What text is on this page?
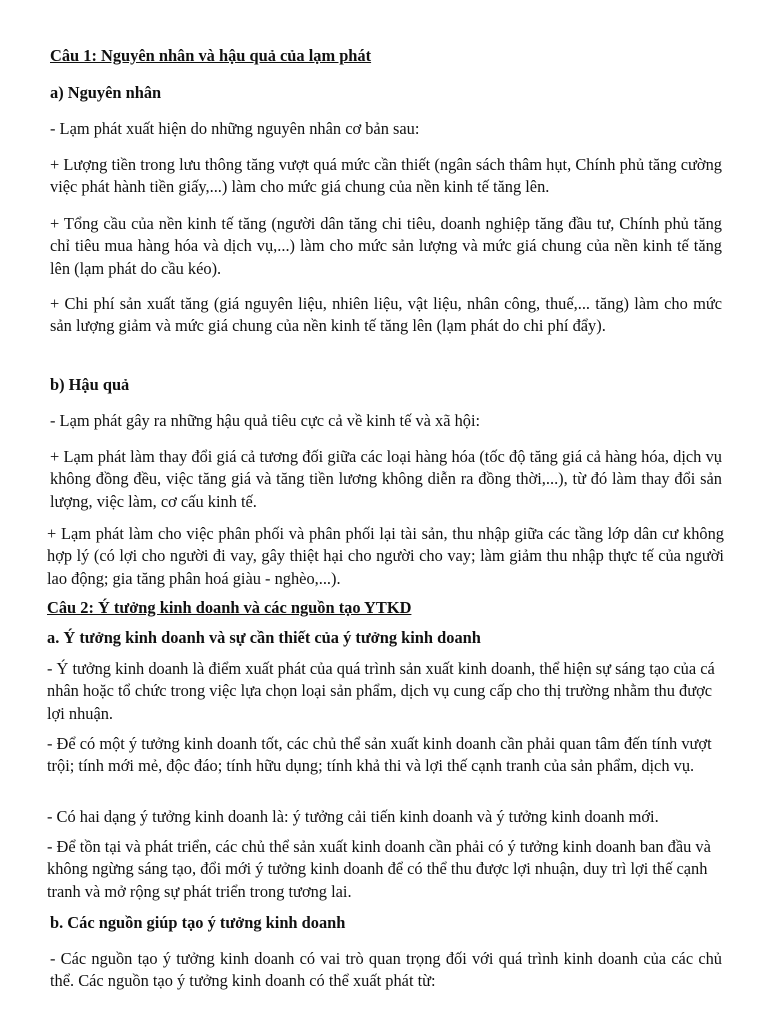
Câu 1: Nguyên nhân và hậu quả của lạm phát

a) Nguyên nhân

- Lạm phát xuất hiện do những nguyên nhân cơ bản sau:

+ Lượng tiền trong lưu thông tăng vượt quá mức cần thiết (ngân sách thâm hụt, Chính phủ tăng cường việc phát hành tiền giấy,...) làm cho mức giá chung của nền kinh tế tăng lên.

+ Tổng cầu của nền kinh tế tăng (người dân tăng chi tiêu, doanh nghiệp tăng đầu tư, Chính phủ tăng chỉ tiêu mua hàng hóa và dịch vụ,...) làm cho mức sản lượng và mức giá chung của nền kinh tế tăng lên (lạm phát do cầu kéo).

+ Chi phí sản xuất tăng (giá nguyên liệu, nhiên liệu, vật liệu, nhân công, thuế,... tăng) làm cho mức sản lượng giảm và mức giá chung của nền kinh tế tăng lên (lạm phát do chi phí đẩy).

b) Hậu quả

- Lạm phát gây ra những hậu quả tiêu cực cả về kinh tế và xã hội:

+ Lạm phát làm thay đổi giá cả tương đối giữa các loại hàng hóa (tốc độ tăng giá cả hàng hóa, dịch vụ không đồng đều, việc tăng giá và tăng tiền lương không diễn ra đồng thời,...), từ đó làm thay đổi sản lượng, việc làm, cơ cấu kinh tế.

+ Lạm phát làm cho việc phân phối và phân phối lại tài sản, thu nhập giữa các tầng lớp dân cư không hợp lý (có lợi cho người đi vay, gây thiệt hại cho người cho vay; làm giảm thu nhập thực tế của người lao động; gia tăng phân hoá giàu - nghèo,...).

Câu 2: Ý tưởng kinh doanh và các nguồn tạo YTKD

a. Ý tưởng kinh doanh và sự cần thiết của ý tưởng kinh doanh

- Ý tưởng kinh doanh là điểm xuất phát của quá trình sản xuất kinh doanh, thể hiện sự sáng tạo của cá nhân hoặc tổ chức trong việc lựa chọn loại sản phẩm, dịch vụ cung cấp cho thị trường nhằm thu được lợi nhuận.

- Để có một ý tưởng kinh doanh tốt, các chủ thể sản xuất kinh doanh cần phải quan tâm đến tính vượt trội; tính mới mẻ, độc đáo; tính hữu dụng; tính khả thi và lợi thế cạnh tranh của sản phẩm, dịch vụ.

- Có hai dạng ý tưởng kinh doanh là: ý tưởng cải tiến kinh doanh và ý tưởng kinh doanh mới.

- Để tồn tại và phát triển, các chủ thể sản xuất kinh doanh cần phải có ý tưởng kinh doanh ban đầu và không ngừng sáng tạo, đổi mới ý tưởng kinh doanh để có thể thu được lợi nhuận, duy trì lợi thế cạnh tranh và mở rộng sự phát triển trong tương lai.

b. Các nguồn giúp tạo ý tưởng kinh doanh

- Các nguồn tạo ý tưởng kinh doanh có vai trò quan trọng đối với quá trình kinh doanh của các chủ thể. Các nguồn tạo ý tưởng kinh doanh có thể xuất phát từ:
